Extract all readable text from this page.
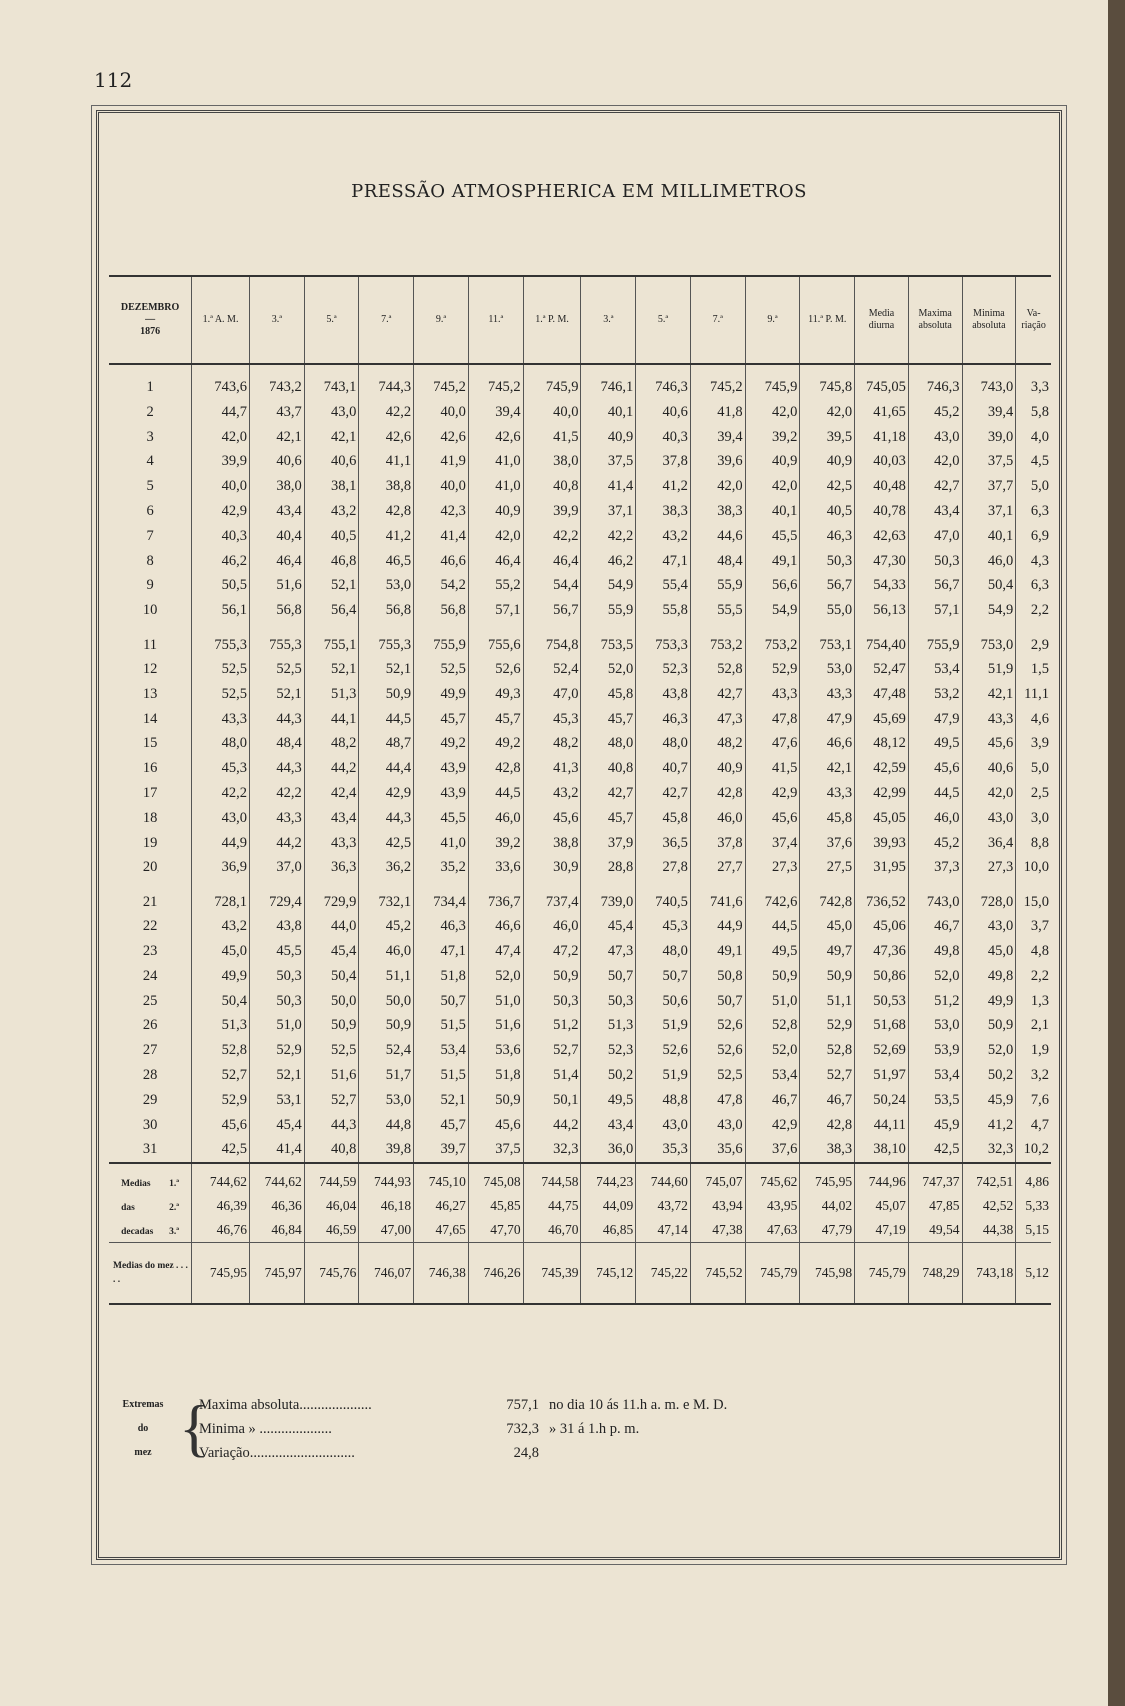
112
PRESSÃO ATMOSPHERICA EM MILLIMETROS
DEZEMBRO
—
1876	1.ª A. M.	3.ª	5.ª	7.ª	9.ª	11.ª	1.ª P. M.	3.ª	5.ª	7.ª	9.ª	11.ª P. M.	Media diurna	Maxima absoluta	Minima absoluta	Va- riação
1	743,6	743,2	743,1	744,3	745,2	745,2	745,9	746,1	746,3	745,2	745,9	745,8	745,05	746,3	743,0	3,3
2	44,7	43,7	43,0	42,2	40,0	39,4	40,0	40,1	40,6	41,8	42,0	42,0	41,65	45,2	39,4	5,8
3	42,0	42,1	42,1	42,6	42,6	42,6	41,5	40,9	40,3	39,4	39,2	39,5	41,18	43,0	39,0	4,0
4	39,9	40,6	40,6	41,1	41,9	41,0	38,0	37,5	37,8	39,6	40,9	40,9	40,03	42,0	37,5	4,5
5	40,0	38,0	38,1	38,8	40,0	41,0	40,8	41,4	41,2	42,0	42,0	42,5	40,48	42,7	37,7	5,0
6	42,9	43,4	43,2	42,8	42,3	40,9	39,9	37,1	38,3	38,3	40,1	40,5	40,78	43,4	37,1	6,3
7	40,3	40,4	40,5	41,2	41,4	42,0	42,2	42,2	43,2	44,6	45,5	46,3	42,63	47,0	40,1	6,9
8	46,2	46,4	46,8	46,5	46,6	46,4	46,4	46,2	47,1	48,4	49,1	50,3	47,30	50,3	46,0	4,3
9	50,5	51,6	52,1	53,0	54,2	55,2	54,4	54,9	55,4	55,9	56,6	56,7	54,33	56,7	50,4	6,3
10	56,1	56,8	56,4	56,8	56,8	57,1	56,7	55,9	55,8	55,5	54,9	55,0	56,13	57,1	54,9	2,2
11	755,3	755,3	755,1	755,3	755,9	755,6	754,8	753,5	753,3	753,2	753,2	753,1	754,40	755,9	753,0	2,9
12	52,5	52,5	52,1	52,1	52,5	52,6	52,4	52,0	52,3	52,8	52,9	53,0	52,47	53,4	51,9	1,5
13	52,5	52,1	51,3	50,9	49,9	49,3	47,0	45,8	43,8	42,7	43,3	43,3	47,48	53,2	42,1	11,1
14	43,3	44,3	44,1	44,5	45,7	45,7	45,3	45,7	46,3	47,3	47,8	47,9	45,69	47,9	43,3	4,6
15	48,0	48,4	48,2	48,7	49,2	49,2	48,2	48,0	48,0	48,2	47,6	46,6	48,12	49,5	45,6	3,9
16	45,3	44,3	44,2	44,4	43,9	42,8	41,3	40,8	40,7	40,9	41,5	42,1	42,59	45,6	40,6	5,0
17	42,2	42,2	42,4	42,9	43,9	44,5	43,2	42,7	42,7	42,8	42,9	43,3	42,99	44,5	42,0	2,5
18	43,0	43,3	43,4	44,3	45,5	46,0	45,6	45,7	45,8	46,0	45,6	45,8	45,05	46,0	43,0	3,0
19	44,9	44,2	43,3	42,5	41,0	39,2	38,8	37,9	36,5	37,8	37,4	37,6	39,93	45,2	36,4	8,8
20	36,9	37,0	36,3	36,2	35,2	33,6	30,9	28,8	27,8	27,7	27,3	27,5	31,95	37,3	27,3	10,0
21	728,1	729,4	729,9	732,1	734,4	736,7	737,4	739,0	740,5	741,6	742,6	742,8	736,52	743,0	728,0	15,0
22	43,2	43,8	44,0	45,2	46,3	46,6	46,0	45,4	45,3	44,9	44,5	45,0	45,06	46,7	43,0	3,7
23	45,0	45,5	45,4	46,0	47,1	47,4	47,2	47,3	48,0	49,1	49,5	49,7	47,36	49,8	45,0	4,8
24	49,9	50,3	50,4	51,1	51,8	52,0	50,9	50,7	50,7	50,8	50,9	50,9	50,86	52,0	49,8	2,2
25	50,4	50,3	50,0	50,0	50,7	51,0	50,3	50,3	50,6	50,7	51,0	51,1	50,53	51,2	49,9	1,3
26	51,3	51,0	50,9	50,9	51,5	51,6	51,2	51,3	51,9	52,6	52,8	52,9	51,68	53,0	50,9	2,1
27	52,8	52,9	52,5	52,4	53,4	53,6	52,7	52,3	52,6	52,6	52,0	52,8	52,69	53,9	52,0	1,9
28	52,7	52,1	51,6	51,7	51,5	51,8	51,4	50,2	51,9	52,5	53,4	52,7	51,97	53,4	50,2	3,2
29	52,9	53,1	52,7	53,0	52,1	50,9	50,1	49,5	48,8	47,8	46,7	46,7	50,24	53,5	45,9	7,6
30	45,6	45,4	44,3	44,8	45,7	45,6	44,2	43,4	43,0	43,0	42,9	42,8	44,11	45,9	41,2	4,7
31	42,5	41,4	40,8	39,8	39,7	37,5	32,3	36,0	35,3	35,6	37,6	38,3	38,10	42,5	32,3	10,2
Medias 1.ª	744,62	744,62	744,59	744,93	745,10	745,08	744,58	744,23	744,60	745,07	745,62	745,95	744,96	747,37	742,51	4,86
das 2.ª	46,39	46,36	46,04	46,18	46,27	45,85	44,75	44,09	43,72	43,94	43,95	44,02	45,07	47,85	42,52	5,33
decadas 3.ª	46,76	46,84	46,59	47,00	47,65	47,70	46,70	46,85	47,14	47,38	47,63	47,79	47,19	49,54	44,38	5,15
Medias do mez . . . . .	745,95	745,97	745,76	746,07	746,38	746,26	745,39	745,12	745,22	745,52	745,79	745,98	745,79	748,29	743,18	5,12
Extremas
do
mez {
Maxima absoluta....................	757,1 no dia 10 ás 11.h a. m. e M. D.
Minima » ....................	732,3 » 31 á 1.h p. m.
Variação.............................	24,8
